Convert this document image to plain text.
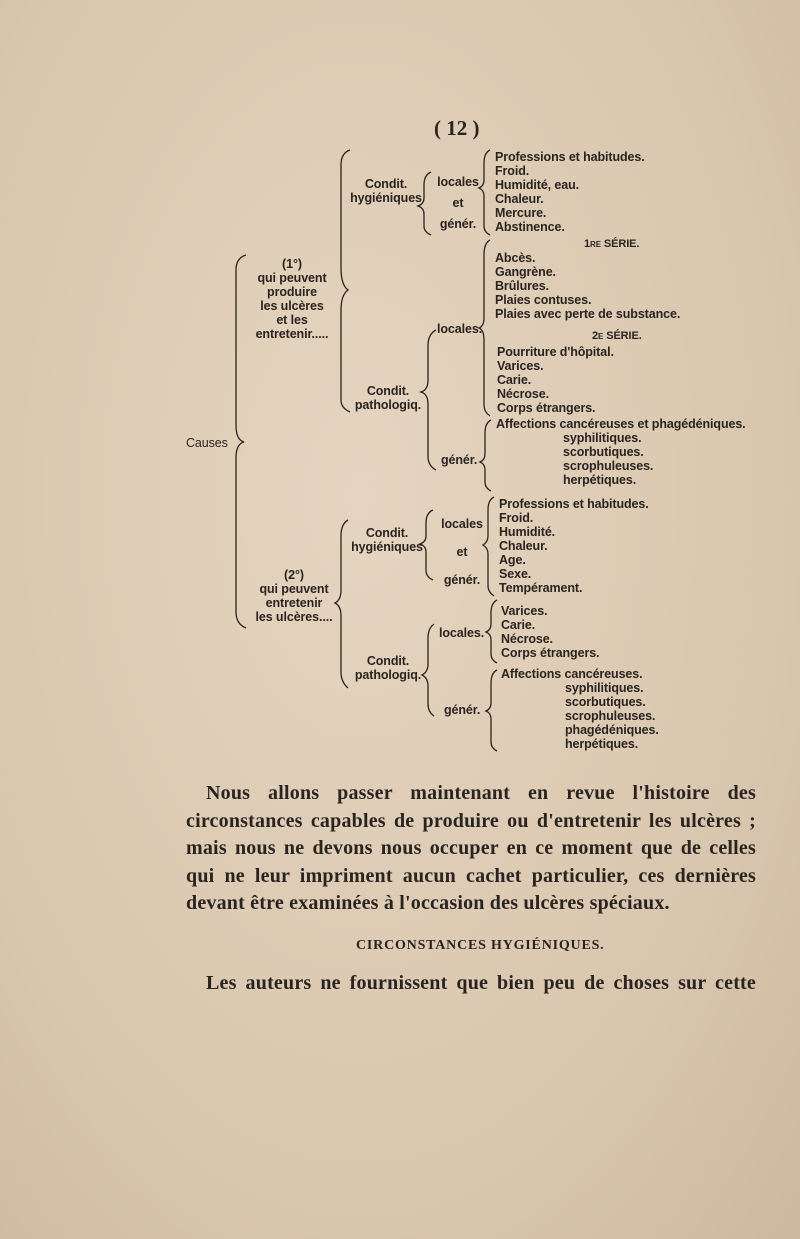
( 12 )
Causes
(1°)
qui peuvent
produire
les ulcères
et les
entretenir.....
Condit.
hygiéniques
locales
et
génér.
Professions et habitudes.
Froid.
Humidité, eau.
Chaleur.
Mercure.
Abstinence.
Condit.
pathologiq.
locales.
1re SÉRIE.
Abcès.
Gangrène.
Brûlures.
Plaies contuses.
Plaies avec perte de substance.
2e SÉRIE.
Pourriture d'hôpital.
Varices.
Carie.
Nécrose.
Corps étrangers.
génér.
Affections cancéreuses et phagédéniques.
syphilitiques.
scorbutiques.
scrophuleuses.
herpétiques.
(2°)
qui peuvent
entretenir
les ulcères....
Condit.
hygiéniques
locales
et
génér.
Professions et habitudes.
Froid.
Humidité.
Chaleur.
Age.
Sexe.
Tempérament.
Condit.
pathologiq.
locales.
Varices.
Carie.
Nécrose.
Corps étrangers.
génér.
Affections cancéreuses.
syphilitiques.
scorbutiques.
scrophuleuses.
phagédéniques.
herpétiques.

Nous allons passer maintenant en revue l'histoire des circonstances capables de produire ou d'entretenir les ulcères ; mais nous ne devons nous occuper en ce moment que de celles qui ne leur impriment aucun cachet particulier, ces dernières devant être examinées à l'occasion des ulcères spéciaux.

CIRCONSTANCES HYGIÉNIQUES.

Les auteurs ne fournissent que bien peu de choses sur cette
